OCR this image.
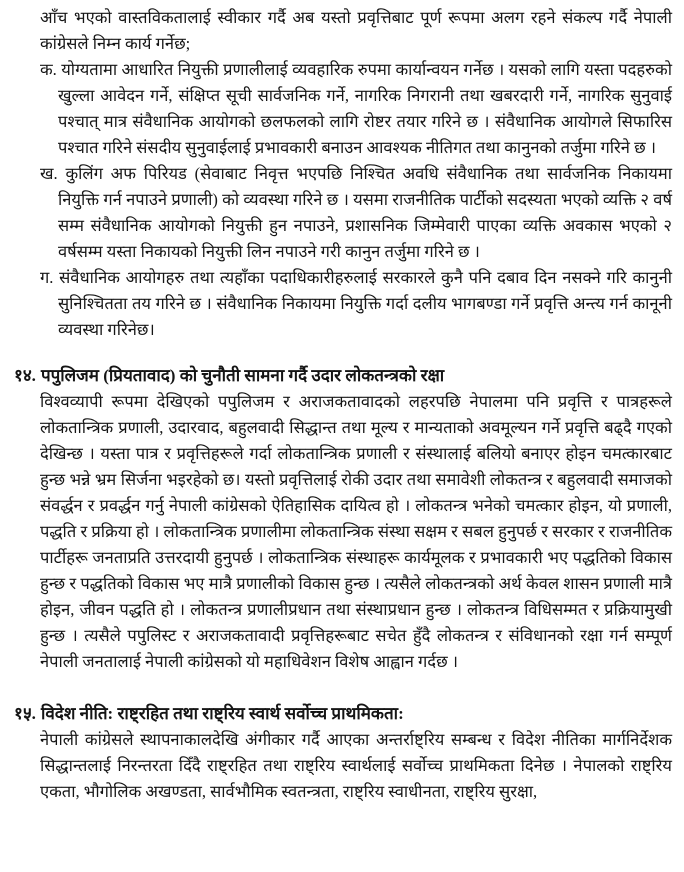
आँच भएको वास्तविकतालाई स्वीकार गर्दै अब यस्तो प्रवृत्तिबाट पूर्ण रूपमा अलग रहने संकल्प गर्दै नेपाली कांग्रेसले निम्न कार्य गर्नेछ;

क. योग्यतामा आधारित नियुक्ती प्रणालीलाई व्यवहारिक रुपमा कार्यान्वयन गर्नेछ । यसको लागि यस्ता पदहरुको खुल्ला आवेदन गर्ने, संक्षिप्त सूची सार्वजनिक गर्ने, नागरिक निगरानी तथा खबरदारी गर्ने, नागरिक सुनुवाई पश्चात् मात्र संवैधानिक आयोगको छलफलको लागि रोष्टर तयार गरिने छ । संवैधानिक आयोगले सिफारिस पश्चात गरिने संसदीय सुनुवाईलाई प्रभावकारी बनाउन आवश्यक नीतिगत तथा कानुनको तर्जुमा गरिने छ ।
ख. कुलिंग अफ पिरियड (सेवाबाट निवृत्त भएपछि निश्चित अवधि संवैधानिक तथा सार्वजनिक निकायमा नियुक्ति गर्न नपाउने प्रणाली) को व्यवस्था गरिने छ । यसमा राजनीतिक पार्टीको सदस्यता भएको व्यक्ति २ वर्ष सम्म संवैधानिक आयोगको नियुक्ती हुन नपाउने, प्रशासनिक जिम्मेवारी पाएका व्यक्ति अवकास भएको २ वर्षसम्म यस्ता निकायको नियुक्ती लिन नपाउने गरी कानुन तर्जुमा गरिने छ ।
ग. संवैधानिक आयोगहरु तथा त्यहाँका पदाधिकारीहरुलाई सरकारले कुनै पनि दबाव दिन नसक्ने गरि कानुनी सुनिश्चितता तय गरिने छ । संवैधानिक निकायमा नियुक्ति गर्दा दलीय भागबण्डा गर्ने प्रवृत्ति अन्त्य गर्न कानूनी व्यवस्था गरिनेछ।
१४. पपुलिजम (प्रियतावाद) को चुनौती सामना गर्दै उदार लोकतन्त्रको रक्षा

विश्वव्यापी रूपमा देखिएको पपुलिजम र अराजकतावादको लहरपछि नेपालमा पनि प्रवृत्ति र पात्रहरूले लोकतान्त्रिक प्रणाली, उदारवाद, बहुलवादी सिद्धान्त तथा मूल्य र मान्यताको अवमूल्यन गर्ने प्रवृत्ति बढ्दै गएको देखिन्छ । यस्ता पात्र र प्रवृत्तिहरूले गर्दा लोकतान्त्रिक प्रणाली र संस्थालाई बलियो बनाएर होइन चमत्कारबाट हुन्छ भन्ने भ्रम सिर्जना भइरहेको छ। यस्तो प्रवृत्तिलाई रोकी उदार तथा समावेशी लोकतन्त्र र बहुलवादी समाजको संवर्द्धन र प्रवर्द्धन गर्नु नेपाली कांग्रेसको ऐतिहासिक दायित्व हो । लोकतन्त्र भनेको चमत्कार होइन, यो प्रणाली, पद्धति र प्रक्रिया हो । लोकतान्त्रिक प्रणालीमा लोकतान्त्रिक संस्था सक्षम र सबल हुनुपर्छ र सरकार र राजनीतिक पार्टीहरू जनताप्रति उत्तरदायी हुनुपर्छ । लोकतान्त्रिक संस्थाहरू कार्यमूलक र प्रभावकारी भए पद्धतिको विकास हुन्छ र पद्धतिको विकास भए मात्रै प्रणालीको विकास हुन्छ । त्यसैले लोकतन्त्रको अर्थ केवल शासन प्रणाली मात्रै होइन, जीवन पद्धति हो । लोकतन्त्र प्रणालीप्रधान तथा संस्थाप्रधान हुन्छ । लोकतन्त्र विधिसम्मत र प्रक्रियामुखी हुन्छ । त्यसैले पपुलिस्ट र अराजकतावादी प्रवृत्तिहरूबाट सचेत हुँदै लोकतन्त्र र संविधानको रक्षा गर्न सम्पूर्ण नेपाली जनतालाई नेपाली कांग्रेसको यो महाधिवेशन विशेष आह्वान गर्दछ ।

१५. विदेश नीति: राष्ट्रहित तथा राष्ट्रिय स्वार्थ सर्वोच्च प्राथमिकता:

नेपाली कांग्रेसले स्थापनाकालदेखि अंगीकार गर्दै आएका अन्तर्राष्ट्रिय सम्बन्ध र विदेश नीतिका मार्गनिर्देशक सिद्धान्तलाई निरन्तरता दिँदै राष्ट्रहित तथा राष्ट्रिय स्वार्थलाई सर्वोच्च प्राथमिकता दिनेछ । नेपालको राष्ट्रिय एकता, भौगोलिक अखण्डता, सार्वभौमिक स्वतन्त्रता, राष्ट्रिय स्वाधीनता, राष्ट्रिय सुरक्षा,
